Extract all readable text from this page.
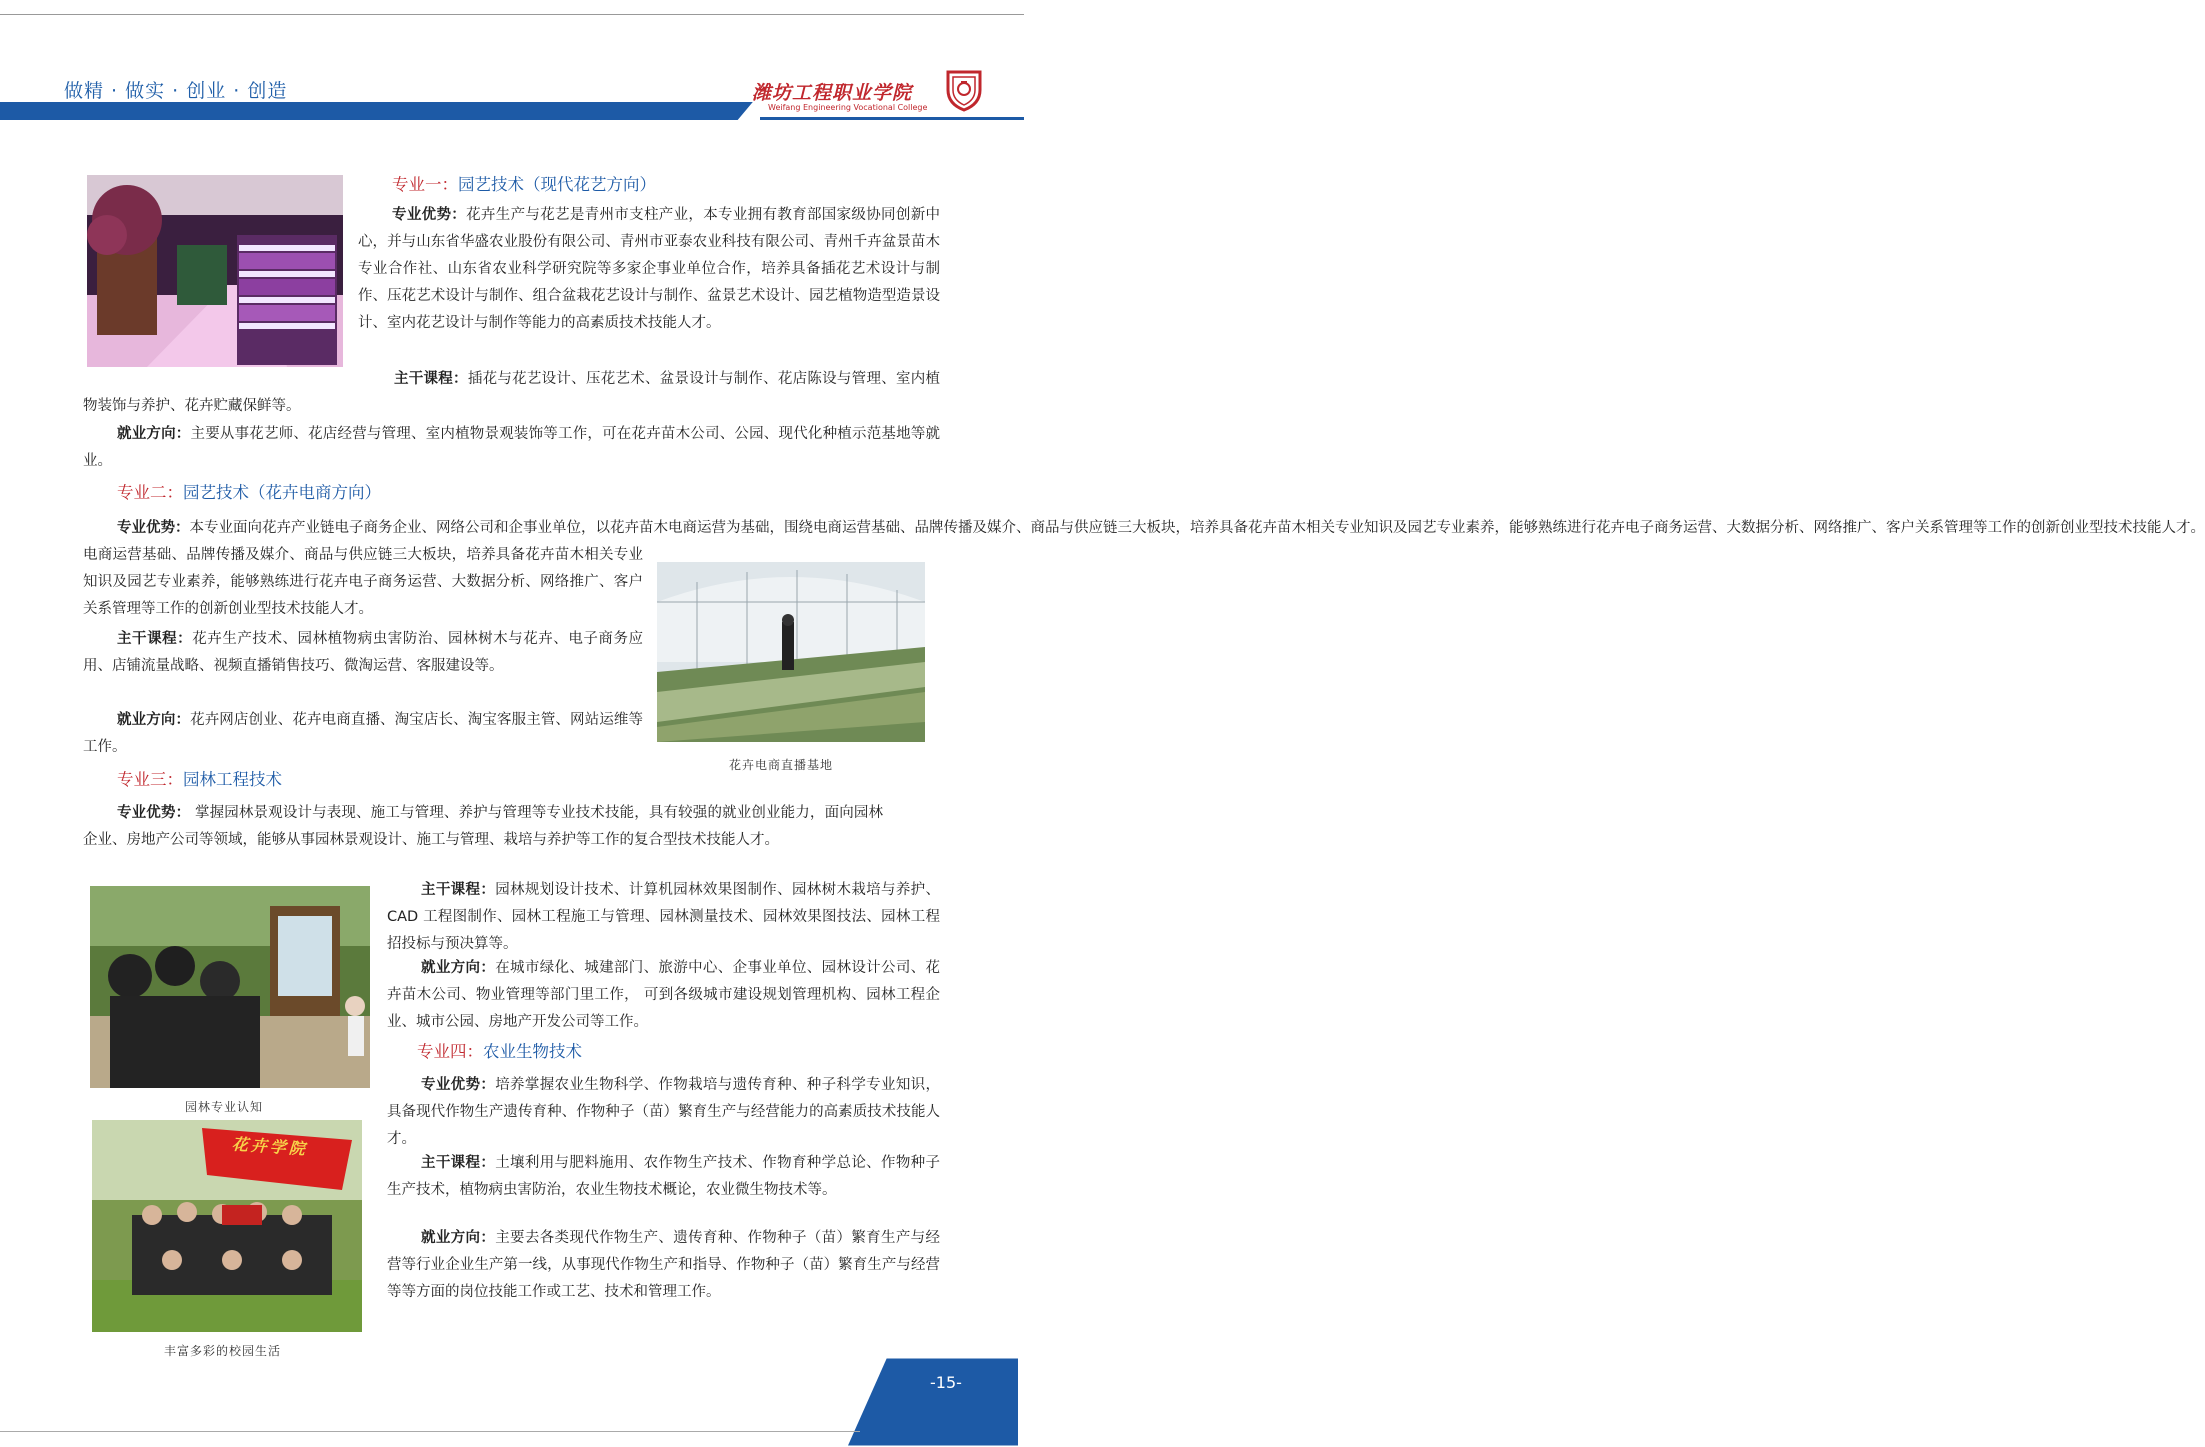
做精 · 做实 · 创业 · 创造	潍坊工程职业学院
Weifang Engineering Vocational College
专业一：园艺技术（现代花艺方向）
专业优势：花卉生产与花艺是青州市支柱产业，本专业拥有教育部国家级协同创新中心，并与山东省华盛农业股份有限公司、青州市亚泰农业科技有限公司、青州千卉盆景苗木专业合作社、山东省农业科学研究院等多家企事业单位合作，培养具备插花艺术设计与制作、压花艺术设计与制作、组合盆栽花艺设计与制作、盆景艺术设计、园艺植物造型造景设计、室内花艺设计与制作等能力的高素质技术技能人才。
主干课程：插花与花艺设计、压花艺术、盆景设计与制作、花店陈设与管理、室内植物装饰与养护、花卉贮藏保鲜等。
就业方向：主要从事花艺师、花店经营与管理、室内植物景观装饰等工作，可在花卉苗木公司、公园、现代化种植示范基地等就业。
专业二：园艺技术（花卉电商方向）
专业优势：本专业面向花卉产业链电子商务企业、网络公司和企事业单位，以花卉苗木电商运营为基础，围绕电商运营基础、品牌传播及媒介、商品与供应链三大板块，培养具备花卉苗木相关专业知识及园艺专业素养，能够熟练进行花卉电子商务运营、大数据分析、网络推广、客户关系管理等工作的创新创业型技术技能人才。
电商运营基础、品牌传播及媒介、商品与供应链三大板块，培养具备花卉苗木相关专业知识及园艺专业素养，能够熟练进行花卉电子商务运营、大数据分析、网络推广、客户关系管理等工作的创新创业型技术技能人才。
主干课程：花卉生产技术、园林植物病虫害防治、园林树木与花卉、电子商务应用、店铺流量战略、视频直播销售技巧、微淘运营、客服建设等。
就业方向：花卉网店创业、花卉电商直播、淘宝店长、淘宝客服主管、网站运维等工作。
花卉电商直播基地
专业三：园林工程技术
专业优势： 掌握园林景观设计与表现、施工与管理、养护与管理等专业技术技能，具有较强的就业创业能力，面向园林企业、房地产公司等领域，能够从事园林景观设计、施工与管理、栽培与养护等工作的复合型技术技能人才。
园林专业认知
主干课程：园林规划设计技术、计算机园林效果图制作、园林树木栽培与养护、CAD 工程图制作、园林工程施工与管理、园林测量技术、园林效果图技法、园林工程招投标与预决算等。
就业方向：在城市绿化、城建部门、旅游中心、企事业单位、园林设计公司、花卉苗木公司、物业管理等部门里工作， 可到各级城市建设规划管理机构、园林工程企业、城市公园、房地产开发公司等工作。
专业四：农业生物技术
专业优势：培养掌握农业生物科学、作物栽培与遗传育种、种子科学专业知识，具备现代作物生产遗传育种、作物种子（苗）繁育生产与经营能力的高素质技术技能人才。
主干课程：土壤利用与肥料施用、农作物生产技术、作物育种学总论、作物种子生产技术，植物病虫害防治，农业生物技术概论，农业微生物技术等。
就业方向：主要去各类现代作物生产、遗传育种、作物种子（苗）繁育生产与经营等行业企业生产第一线，从事现代作物生产和指导、作物种子（苗）繁育生产与经营等等方面的岗位技能工作或工艺、技术和管理工作。
花卉学院
丰富多彩的校园生活
-15-
